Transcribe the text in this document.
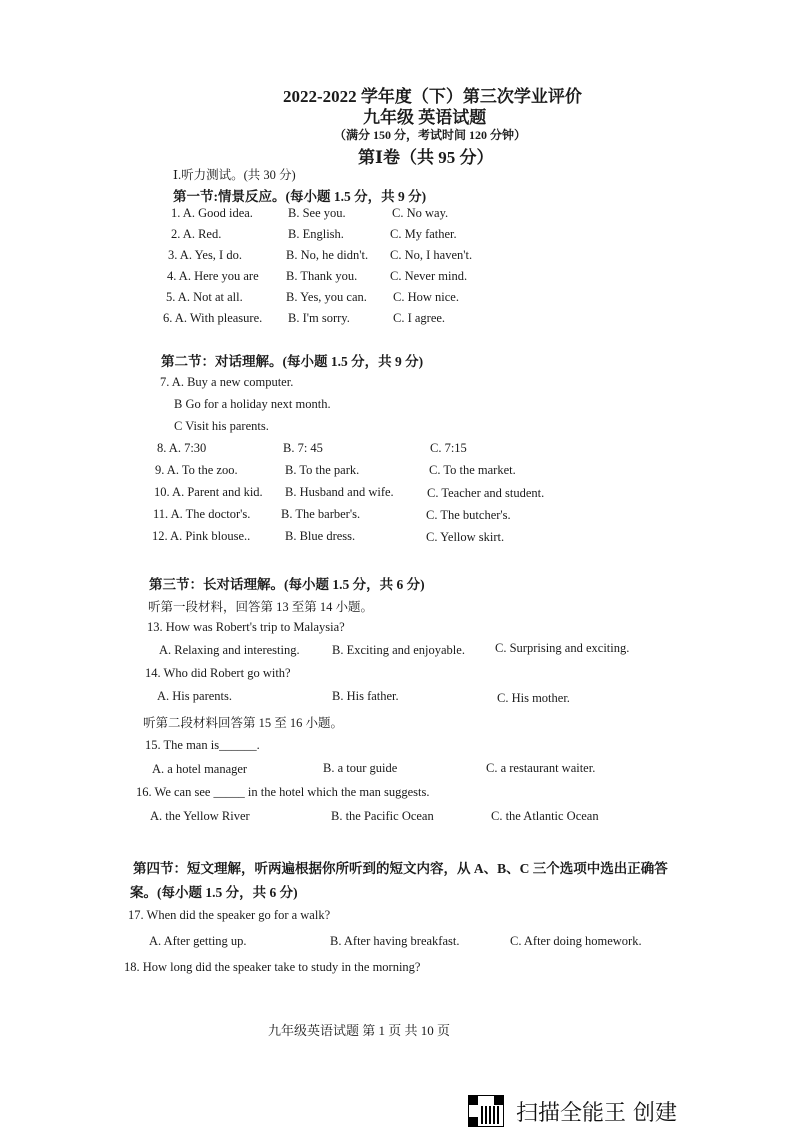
2022-2022 学年度（下）第三次学业评价
九年级 英语试题
（满分 150 分，考试时间 120 分钟）
第Ⅰ卷（共 95 分）
Ⅰ.听力测试。(共 30 分)
第一节:情景反应。(每小题 1.5 分，共 9 分)
1. A. Good idea.	B. See you.	C. No way.
2. A. Red.	B. English.	C. My father.
3. A. Yes, I do.	B. No, he didn't. C. No, I haven't.
4. A. Here you are B. Thank you.	C. Never mind.
5. A. Not at all.	B. Yes, you can. C. How nice.
6. A. With pleasure. B. I'm sorry.	C. I agree.
第二节：对话理解。(每小题 1.5 分，共 9 分)
7. A. Buy a new computer.
B Go for a holiday next month.
C Visit his parents.
8. A. 7:30	B. 7: 45	C. 7:15
9. A. To the zoo.	B. To the park.	C. To the market.
10. A. Parent and kid. B. Husband and wife.	C. Teacher and student.
11. A. The doctor's. B. The barber's.	C. The butcher's.
12. A. Pink blouse..	B. Blue dress.	C. Yellow skirt.
第三节：长对话理解。(每小题 1.5 分，共 6 分)
听第一段材料，回答第 13 至第 14 小题。
13. How was Robert's trip to Malaysia?
A. Relaxing and interesting.	B. Exciting and enjoyable. C. Surprising and exciting.
14. Who did Robert go with?
A. His parents.	B. His father.	C. His mother.
听第二段材料回答第 15 至 16 小题。
15. The man is______.
A. a hotel manager	B. a tour guide	C. a restaurant waiter.
16. We can see _____ in the hotel which the man suggests.
A. the Yellow River	B. the Pacific Ocean	C. the Atlantic Ocean
第四节：短文理解，听两遍根据你所听到的短文内容，从 A、B、C 三个选项中选出正确答
案。(每小题 1.5 分，共 6 分)
17. When did the speaker go for a walk?
A. After getting up.	B. After having breakfast.	C. After doing homework.
18. How long did the speaker take to study in the morning?
九年级英语试题 第 1 页 共 10 页
扫描全能王 创建
